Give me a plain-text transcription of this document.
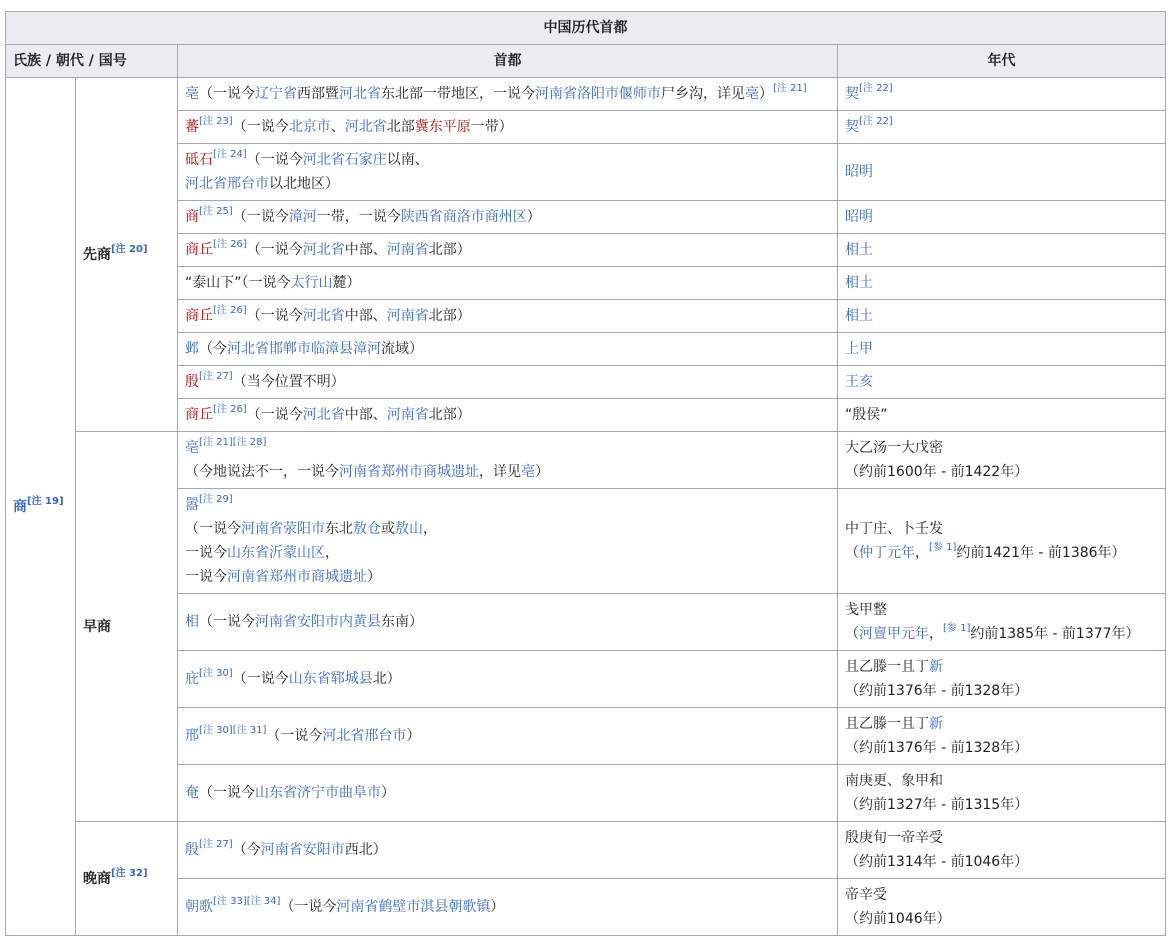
中国历代首都			
氏族 / 朝代 / 国号		首都	年代
商[注 19]	先商[注 20]	亳（一说今辽宁省西部暨河北省东北部一带地区，一说今河南省洛阳市偃师市尸乡沟，详见亳）[注 21]	契[注 22]
		蕃[注 23]（一说今北京市、河北省北部冀东平原一带）	契[注 22]
		砥石[注 24]（一说今河北省石家庄以南、
河北省邢台市以北地区）	昭明
		商[注 25]（一说今漳河一带，一说今陕西省商洛市商州区）	昭明
		商丘[注 26]（一说今河北省中部、河南省北部）	相土
		“泰山下”（一说今太行山麓）	相土
		商丘[注 26]（一说今河北省中部、河南省北部）	相土
		邺（今河北省邯郸市临漳县漳河流域）	上甲
		殷[注 27]（当今位置不明）	王亥
		商丘[注 26]（一说今河北省中部、河南省北部）	“殷侯”
	早商	亳[注 21][注 28]
（今地说法不一，一说今河南省郑州市商城遗址，详见亳）	大乙汤一大戊密
（约前1600年 - 前1422年）
		嚣[注 29]
（一说今河南省荥阳市东北敖仓或敖山，
一说今山东省沂蒙山区，
一说今河南省郑州市商城遗址）	中丁庄、卜壬发
（仲丁元年，[参 1]约前1421年 - 前1386年）
		相（一说今河南省安阳市内黄县东南）	戋甲整
（河亶甲元年，[参 1]约前1385年 - 前1377年）
		庇[注 30]（一说今山东省郓城县北）	且乙滕一且丁新
（约前1376年 - 前1328年）
		邢[注 30][注 31]（一说今河北省邢台市）	且乙滕一且丁新
（约前1376年 - 前1328年）
		奄（一说今山东省济宁市曲阜市）	南庚更、象甲和
（约前1327年 - 前1315年）
	晚商[注 32]	殷[注 27]（今河南省安阳市西北）	殷庚旬一帝辛受
（约前1314年 - 前1046年）
		朝歌[注 33][注 34]（一说今河南省鹤壁市淇县朝歌镇）	帝辛受
（约前1046年）
